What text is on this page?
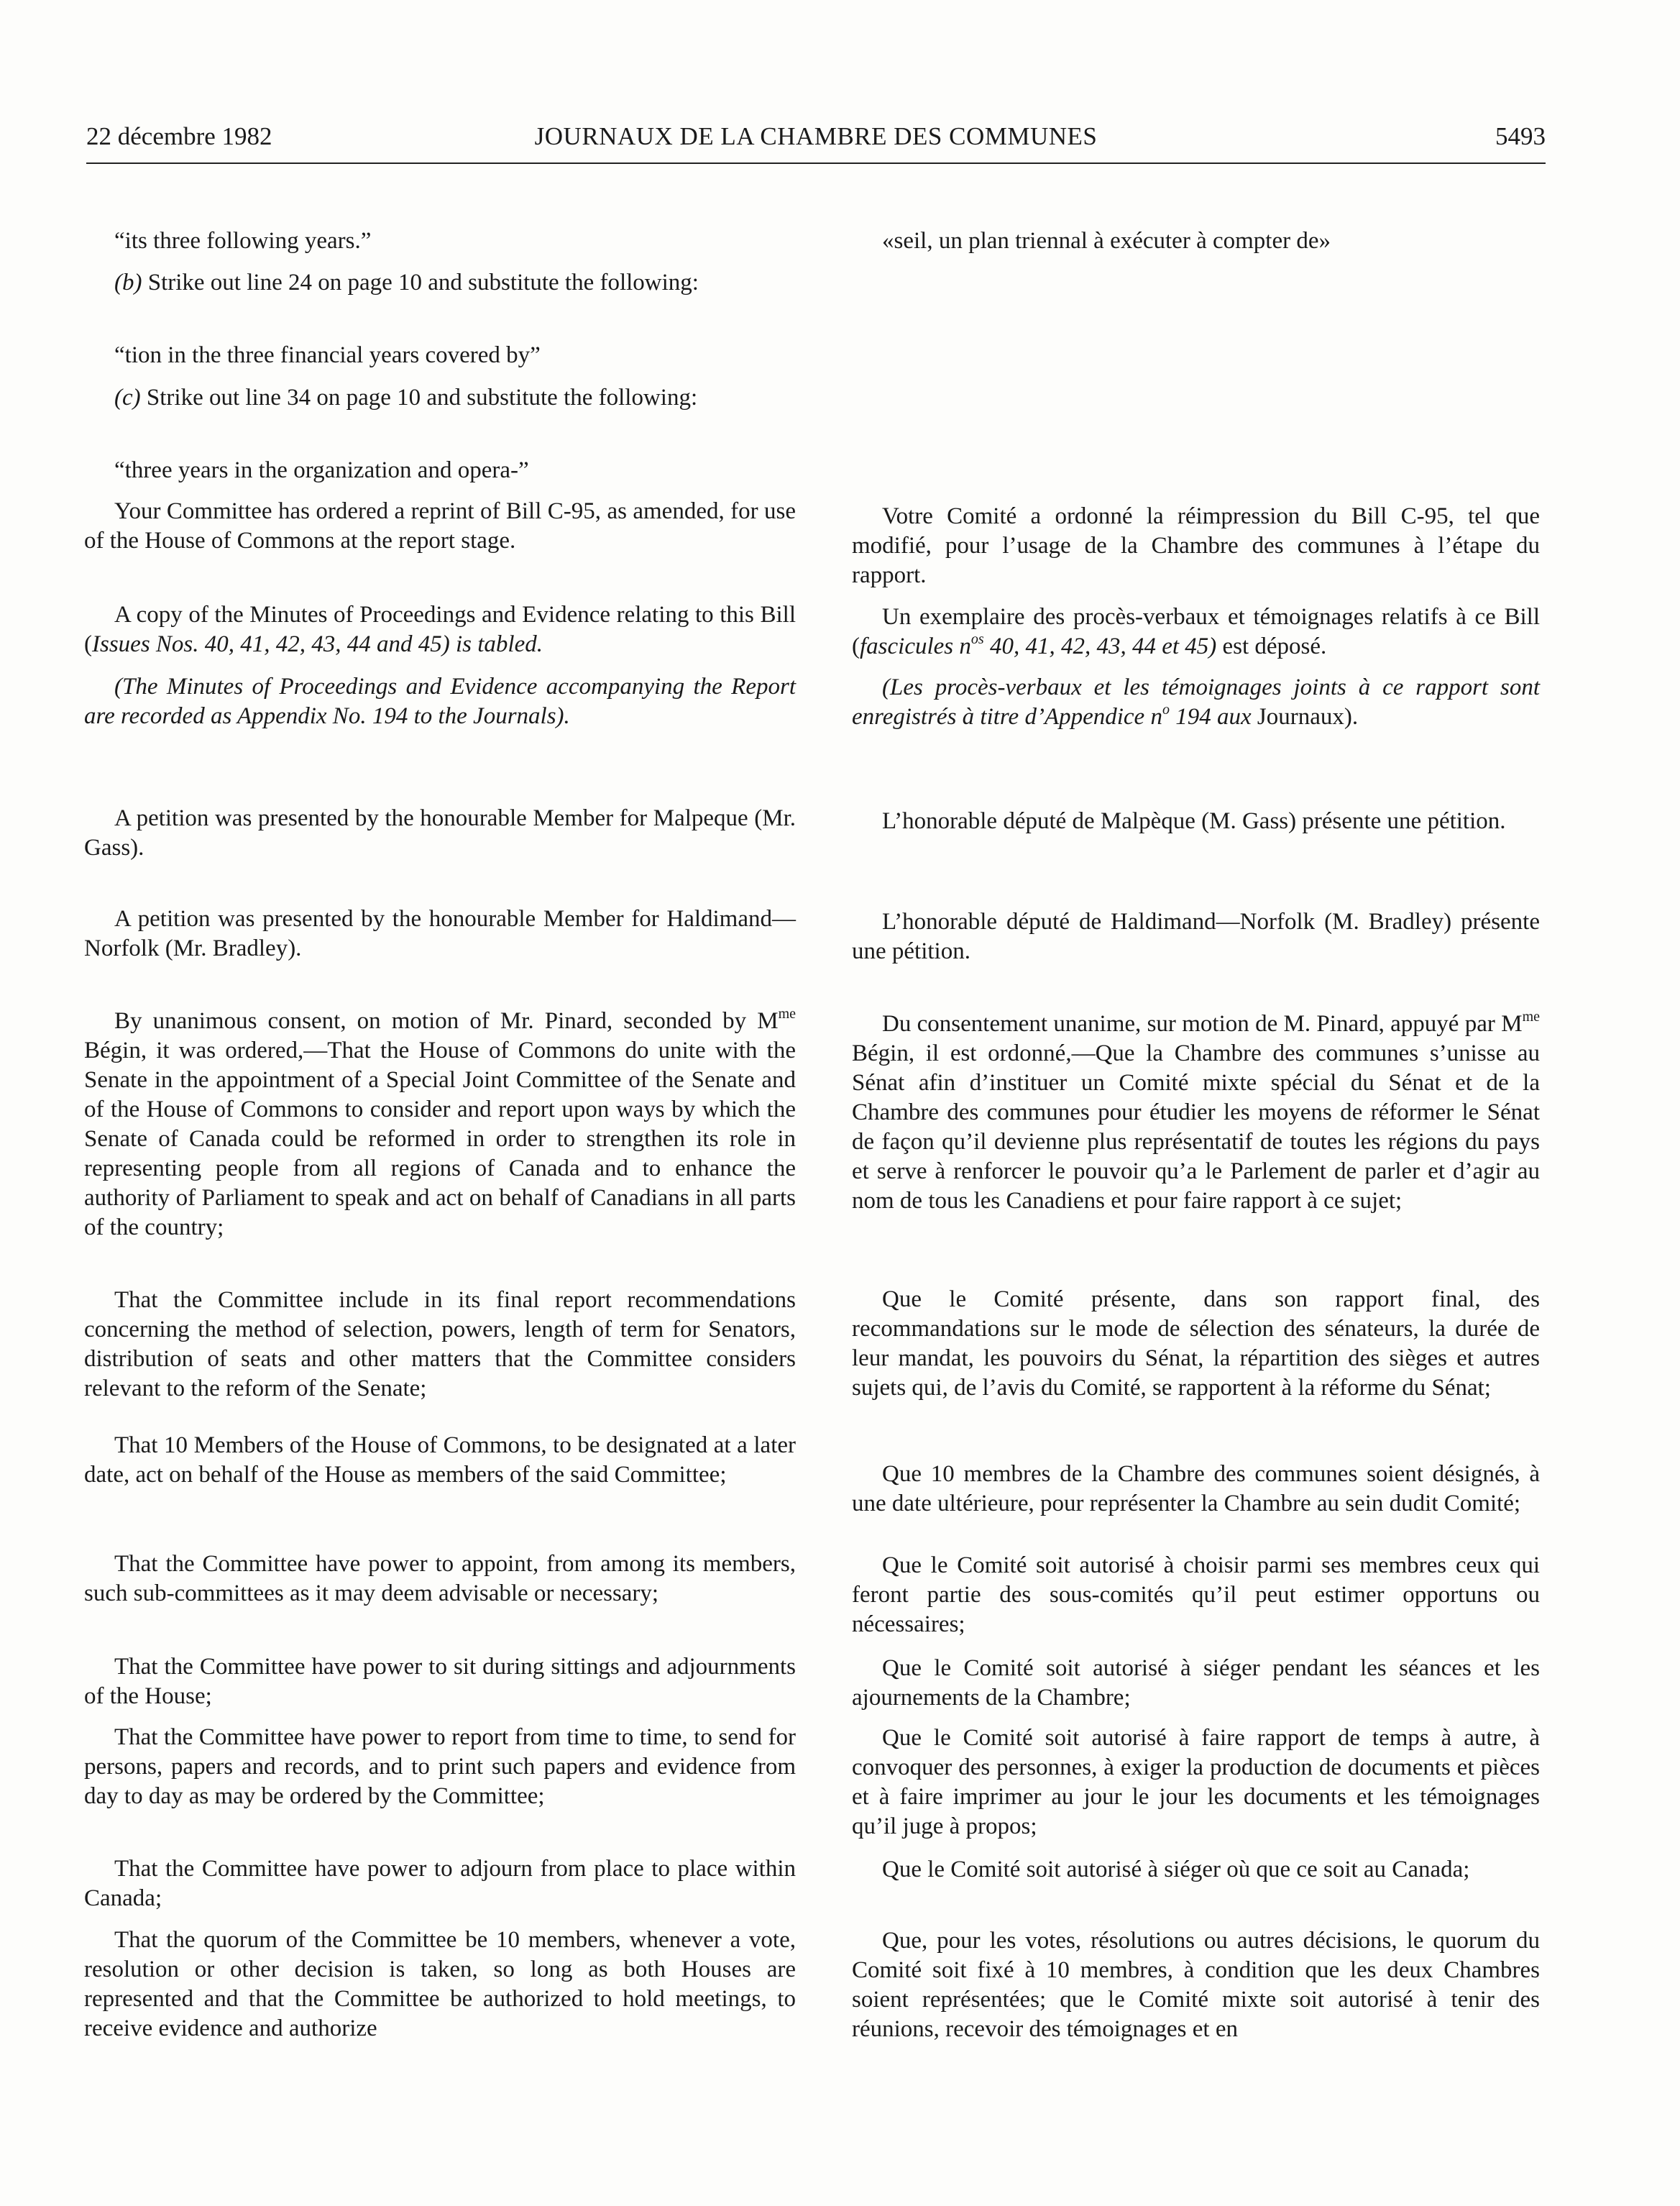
22 décembre 1982	JOURNAUX DE LA CHAMBRE DES COMMUNES	5493

“its three following years.”

(b) Strike out line 24 on page 10 and substitute the following:

“tion in the three financial years covered by”

(c) Strike out line 34 on page 10 and substitute the following:

“three years in the organization and opera-”

Your Committee has ordered a reprint of Bill C-95, as amended, for use of the House of Commons at the report stage.

A copy of the Minutes of Proceedings and Evidence relating to this Bill (Issues Nos. 40, 41, 42, 43, 44 and 45) is tabled.

(The Minutes of Proceedings and Evidence accompanying the Report are recorded as Appendix No. 194 to the Journals).

A petition was presented by the honourable Member for Malpeque (Mr. Gass).

A petition was presented by the honourable Member for Haldimand—Norfolk (Mr. Bradley).

By unanimous consent, on motion of Mr. Pinard, seconded by $M^{me}$ Bégin, it was ordered,—That the House of Commons do unite with the Senate in the appointment of a Special Joint Committee of the Senate and of the House of Commons to consider and report upon ways by which the Senate of Canada could be reformed in order to strengthen its role in representing people from all regions of Canada and to enhance the authority of Parliament to speak and act on behalf of Canadians in all parts of the country;

That the Committee include in its final report recommendations concerning the method of selection, powers, length of term for Senators, distribution of seats and other matters that the Committee considers relevant to the reform of the Senate;

That 10 Members of the House of Commons, to be designated at a later date, act on behalf of the House as members of the said Committee;

That the Committee have power to appoint, from among its members, such sub-committees as it may deem advisable or necessary;

That the Committee have power to sit during sittings and adjournments of the House;

That the Committee have power to report from time to time, to send for persons, papers and records, and to print such papers and evidence from day to day as may be ordered by the Committee;

That the Committee have power to adjourn from place to place within Canada;

That the quorum of the Committee be 10 members, whenever a vote, resolution or other decision is taken, so long as both Houses are represented and that the Committee be authorized to hold meetings, to receive evidence and authorize

«seil, un plan triennal à exécuter à compter de»

Votre Comité a ordonné la réimpression du Bill C-95, tel que modifié, pour l’usage de la Chambre des communes à l’étape du rapport.

Un exemplaire des procès-verbaux et témoignages relatifs à ce Bill (fascicules $n^{os}$ 40, 41, 42, 43, 44 et 45) est déposé.

(Les procès-verbaux et les témoignages joints à ce rapport sont enregistrés à titre d’Appendice $n^o$ 194 aux Journaux).

L’honorable député de Malpèque (M. Gass) présente une pétition.

L’honorable député de Haldimand—Norfolk (M. Bradley) présente une pétition.

Du consentement unanime, sur motion de M. Pinard, appuyé par $M^{me}$ Bégin, il est ordonné,—Que la Chambre des communes s’unisse au Sénat afin d’instituer un Comité mixte spécial du Sénat et de la Chambre des communes pour étudier les moyens de réformer le Sénat de façon qu’il devienne plus représentatif de toutes les régions du pays et serve à renforcer le pouvoir qu’a le Parlement de parler et d’agir au nom de tous les Canadiens et pour faire rapport à ce sujet;

Que le Comité présente, dans son rapport final, des recommandations sur le mode de sélection des sénateurs, la durée de leur mandat, les pouvoirs du Sénat, la répartition des sièges et autres sujets qui, de l’avis du Comité, se rapportent à la réforme du Sénat;

Que 10 membres de la Chambre des communes soient désignés, à une date ultérieure, pour représenter la Chambre au sein dudit Comité;

Que le Comité soit autorisé à choisir parmi ses membres ceux qui feront partie des sous-comités qu’il peut estimer opportuns ou nécessaires;

Que le Comité soit autorisé à siéger pendant les séances et les ajournements de la Chambre;

Que le Comité soit autorisé à faire rapport de temps à autre, à convoquer des personnes, à exiger la production de documents et pièces et à faire imprimer au jour le jour les documents et les témoignages qu’il juge à propos;

Que le Comité soit autorisé à siéger où que ce soit au Canada;

Que, pour les votes, résolutions ou autres décisions, le quorum du Comité soit fixé à 10 membres, à condition que les deux Chambres soient représentées; que le Comité mixte soit autorisé à tenir des réunions, recevoir des témoignages et en
